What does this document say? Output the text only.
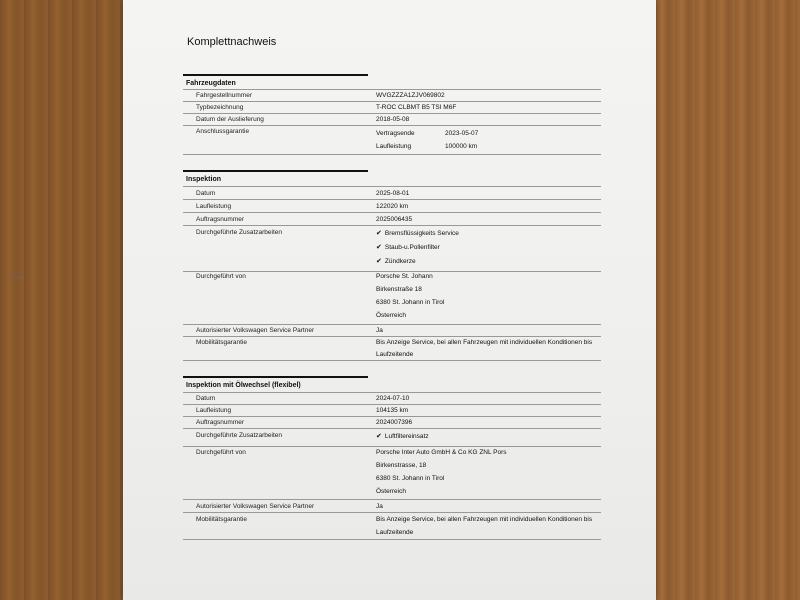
Komplettnachweis
Fahrzeugdaten
Fahrgestellnummer	WVGZZZA1ZJV069802
Typbezeichnung	T-ROC CLBMT B5 TSI M6F
Datum der Auslieferung	2018-05-08
Anschlussgarantie	Vertragsende	2023-05-07
Laufleistung	100000 km
Inspektion
Datum	2025-08-01
Laufleistung	122020 km
Auftragsnummer	2025006435
Durchgeführte Zusatzarbeiten	✔ Bremsflüssigkeits Service
✔ Staub-u.Pollenfilter
✔ Zündkerze
Durchgeführt von	Porsche St. Johann
Birkenstraße 18
6380 St. Johann in Tirol
Österreich
Autorisierter Volkswagen Service Partner	Ja
Mobilitätsgarantie	Bis Anzeige Service, bei allen Fahrzeugen mit individuellen Konditionen bis
Laufzeitende
Inspektion mit Ölwechsel (flexibel)
Datum	2024-07-10
Laufleistung	104135 km
Auftragsnummer	2024007396
Durchgeführte Zusatzarbeiten	✔ Luftfiltereinsatz
Durchgeführt von	Porsche Inter Auto GmbH & Co KG ZNL Pors
Birkenstrasse, 18
6380 St. Johann in Tirol
Österreich
Autorisierter Volkswagen Service Partner	Ja
Mobilitätsgarantie	Bis Anzeige Service, bei allen Fahrzeugen mit individuellen Konditionen bis
Laufzeitende
